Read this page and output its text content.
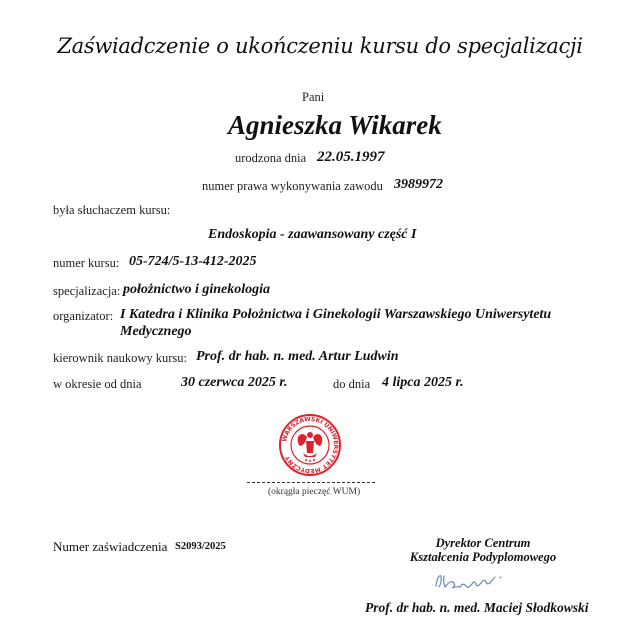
Zaświadczenie o ukończeniu kursu do specjalizacji
Pani
Agnieszka Wikarek
urodzona dnia 22.05.1997
numer prawa wykonywania zawodu 3989972
była słuchaczem kursu:
Endoskopia - zaawansowany część I
numer kursu: 05-724/5-13-412-2025
specjalizacja: położnictwo i ginekologia
organizator: I Katedra i Klinika Położnictwa i Ginekologii Warszawskiego Uniwersytetu
Medycznego
kierownik naukowy kursu: Prof. dr hab. n. med. Artur Ludwin
w okresie od dnia	30 czerwca 2025 r.	do dnia 4 lipca 2025 r.
WARSZAWSKI UNIWERSYTET MEDYCZNY
(okrągła pieczęć WUM)
Numer zaświadczenia S2093/2025	Dyrektor Centrum
Kształcenia Podyplomowego
Prof. dr hab. n. med. Maciej Słodkowski
